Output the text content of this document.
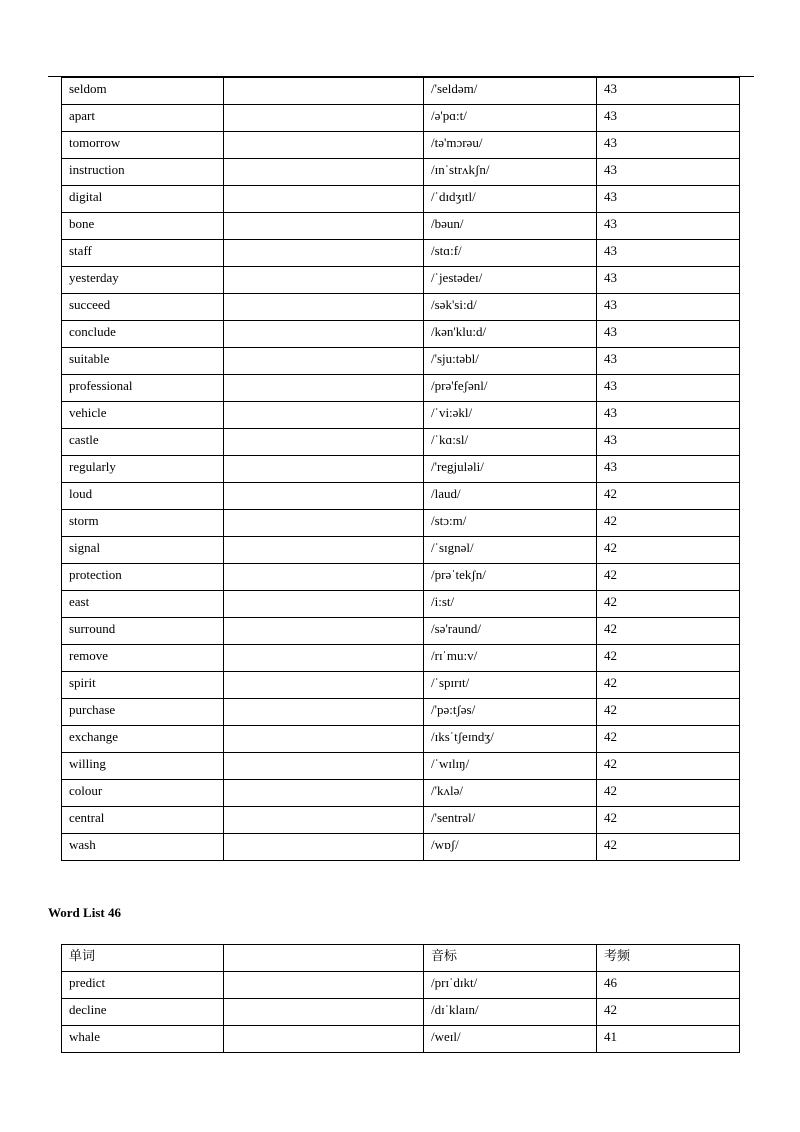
seldom		/'seldəm/	43
apart		/ə'pɑ:t/	43
tomorrow		/tə'mɔrəu/	43
instruction		/ɪnˈstrʌkʃn/	43
digital		/ˈdɪdʒɪtl/	43
bone		/bəun/	43
staff		/stɑ:f/	43
yesterday		/ˈjestədeɪ/	43
succeed		/sək'si:d/	43
conclude		/kən'klu:d/	43
suitable		/'sju:təbl/	43
professional		/prə'feʃənl/	43
vehicle		/ˈvi:əkl/	43
castle		/ˈkɑ:sl/	43
regularly		/'regjuləli/	43
loud		/laud/	42
storm		/stɔ:m/	42
signal		/ˈsɪgnəl/	42
protection		/prəˈtekʃn/	42
east		/i:st/	42
surround		/sə'raund/	42
remove		/rɪˈmu:v/	42
spirit		/ˈspɪrɪt/	42
purchase		/'pə:tʃəs/	42
exchange		/ɪksˈtʃeɪndʒ/	42
willing		/ˈwɪlɪŋ/	42
colour		/'kʌlə/	42
central		/'sentrəl/	42
wash		/wɒʃ/	42
Word List 46
单词		音标	考频
predict		/prɪˈdɪkt/	46
decline		/dɪˈklaɪn/	42
whale		/weɪl/	41
